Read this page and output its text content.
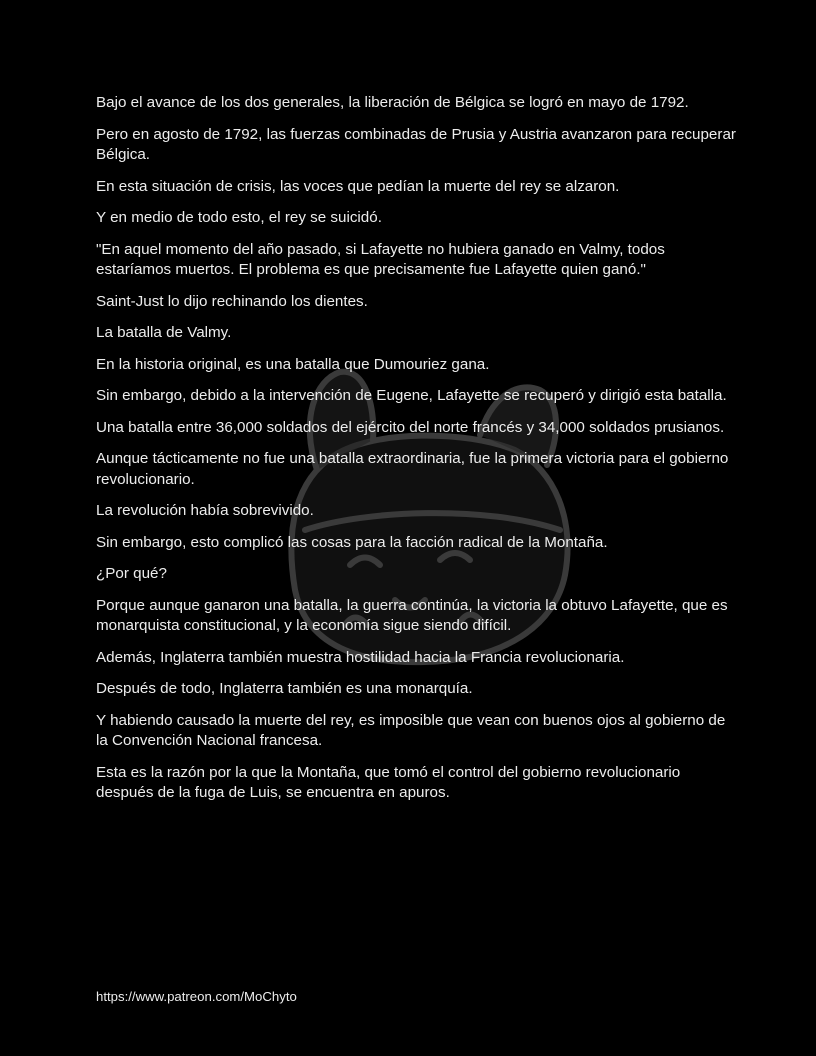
Bajo el avance de los dos generales, la liberación de Bélgica se logró en mayo de 1792.

Pero en agosto de 1792, las fuerzas combinadas de Prusia y Austria avanzaron para recuperar Bélgica.

En esta situación de crisis, las voces que pedían la muerte del rey se alzaron.

Y en medio de todo esto, el rey se suicidó.

"En aquel momento del año pasado, si Lafayette no hubiera ganado en Valmy, todos estaríamos muertos. El problema es que precisamente fue Lafayette quien ganó."

Saint-Just lo dijo rechinando los dientes.

La batalla de Valmy.

En la historia original, es una batalla que Dumouriez gana.

Sin embargo, debido a la intervención de Eugene, Lafayette se recuperó y dirigió esta batalla.

Una batalla entre 36,000 soldados del ejército del norte francés y 34,000 soldados prusianos.

Aunque tácticamente no fue una batalla extraordinaria, fue la primera victoria para el gobierno revolucionario.

La revolución había sobrevivido.

Sin embargo, esto complicó las cosas para la facción radical de la Montaña.

¿Por qué?

Porque aunque ganaron una batalla, la guerra continúa, la victoria la obtuvo Lafayette, que es monarquista constitucional, y la economía sigue siendo difícil.

Además, Inglaterra también muestra hostilidad hacia la Francia revolucionaria.

Después de todo, Inglaterra también es una monarquía.

Y habiendo causado la muerte del rey, es imposible que vean con buenos ojos al gobierno de la Convención Nacional francesa.

Esta es la razón por la que la Montaña, que tomó el control del gobierno revolucionario después de la fuga de Luis, se encuentra en apuros.

https://www.patreon.com/MoChyto
